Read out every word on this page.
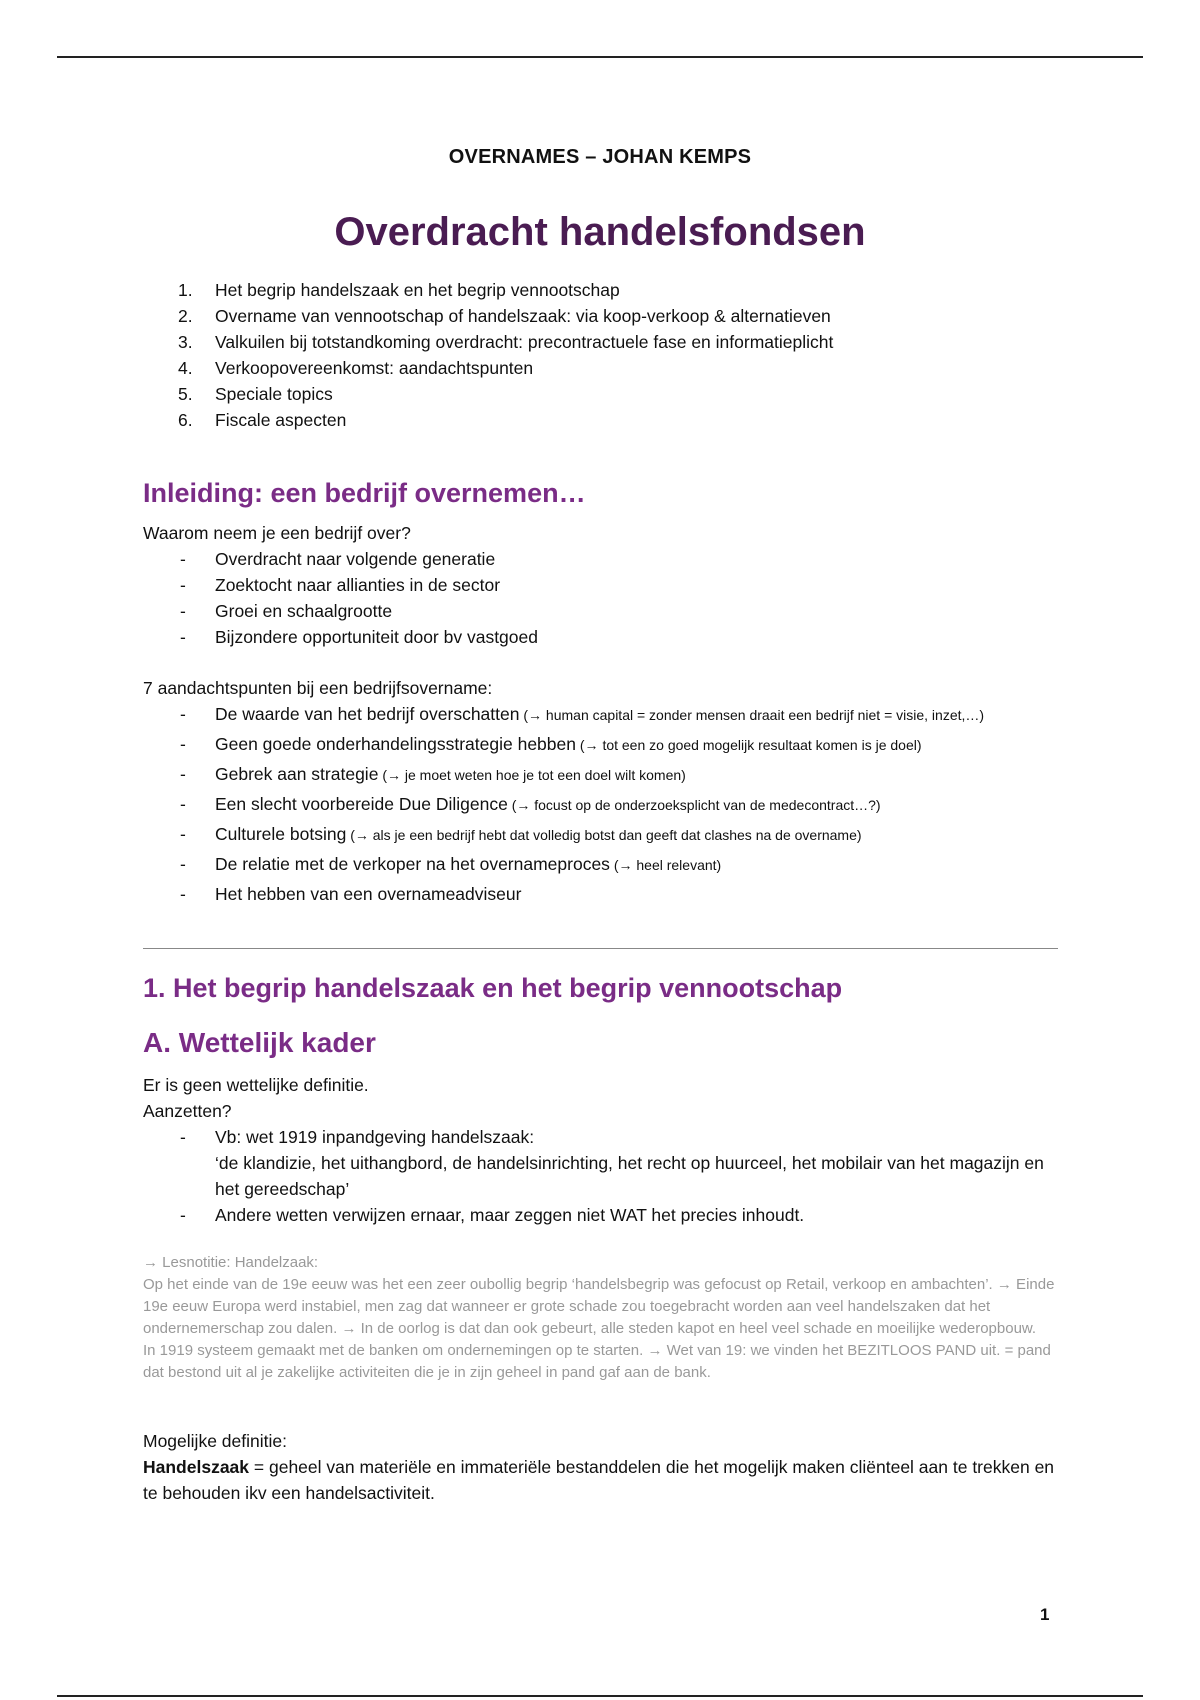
OVERNAMES – JOHAN KEMPS
Overdracht handelsfondsen
1. Het begrip handelszaak en het begrip vennootschap
2. Overname van vennootschap of handelszaak: via koop-verkoop & alternatieven
3. Valkuilen bij totstandkoming overdracht: precontractuele fase en informatieplicht
4. Verkoopovereenkomst: aandachtspunten
5. Speciale topics
6. Fiscale aspecten
Inleiding: een bedrijf overnemen…

Waarom neem je een bedrijf over?

- Overdracht naar volgende generatie
- Zoektocht naar allianties in de sector
- Groei en schaalgrootte
- Bijzondere opportuniteit door bv vastgoed

7 aandachtspunten bij een bedrijfsovername:

- De waarde van het bedrijf overschatten (→ human capital = zonder mensen draait een bedrijf niet = visie, inzet,…)
- Geen goede onderhandelingsstrategie hebben (→ tot een zo goed mogelijk resultaat komen is je doel)
- Gebrek aan strategie (→ je moet weten hoe je tot een doel wilt komen)
- Een slecht voorbereide Due Diligence (→ focust op de onderzoeksplicht van de medecontract…?)
- Culturele botsing (→ als je een bedrijf hebt dat volledig botst dan geeft dat clashes na de overname)
- De relatie met de verkoper na het overnameproces (→ heel relevant)
- Het hebben van een overnameadviseur
1. Het begrip handelszaak en het begrip vennootschap
A. Wettelijk kader

Er is geen wettelijke definitie.

Aanzetten?

- Vb: wet 1919 inpandgeving handelszaak:
‘de klandizie, het uithangbord, de handelsinrichting, het recht op huurceel, het mobilair van het magazijn en het gereedschap’
- Andere wetten verwijzen ernaar, maar zeggen niet WAT het precies inhoudt.

→ Lesnotitie: Handelzaak:

Op het einde van de 19e eeuw was het een zeer oubollig begrip ‘handelsbegrip was gefocust op Retail, verkoop en ambachten’. → Einde 19e eeuw Europa werd instabiel, men zag dat wanneer er grote schade zou toegebracht worden aan veel handelszaken dat het ondernemerschap zou dalen. → In de oorlog is dat dan ook gebeurt, alle steden kapot en heel veel schade en moeilijke wederopbouw.

In 1919 systeem gemaakt met de banken om ondernemingen op te starten. → Wet van 19: we vinden het BEZITLOOS PAND uit. = pand dat bestond uit al je zakelijke activiteiten die je in zijn geheel in pand gaf aan de bank.

Mogelijke definitie:

Handelszaak = geheel van materiële en immateriële bestanddelen die het mogelijk maken cliënteel aan te trekken en te behouden ikv een handelsactiviteit.

1
